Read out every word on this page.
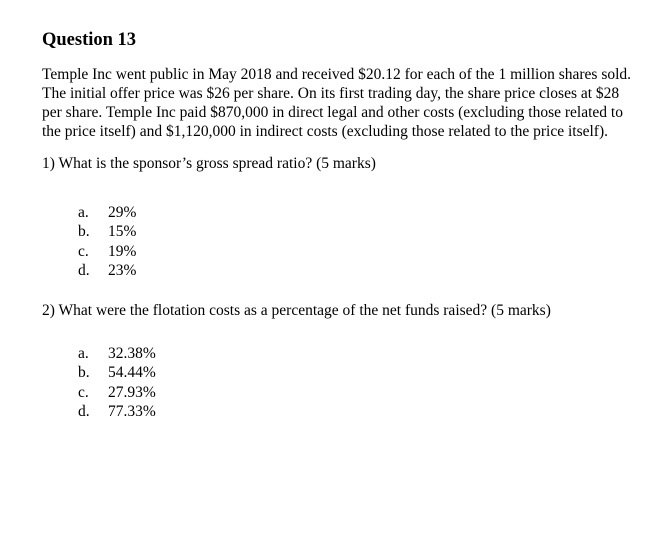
Question 13
Temple Inc went public in May 2018 and received $20.12 for each of the 1 million shares sold.
The initial offer price was $26 per share. On its first trading day, the share price closes at $28
per share. Temple Inc paid $870,000 in direct legal and other costs (excluding those related to
the price itself) and $1,120,000 in indirect costs (excluding those related to the price itself).
1) What is the sponsor’s gross spread ratio? (5 marks)
a. 29%
b. 15%
c. 19%
d. 23%
2) What were the flotation costs as a percentage of the net funds raised? (5 marks)
a. 32.38%
b. 54.44%
c. 27.93%
d. 77.33%
